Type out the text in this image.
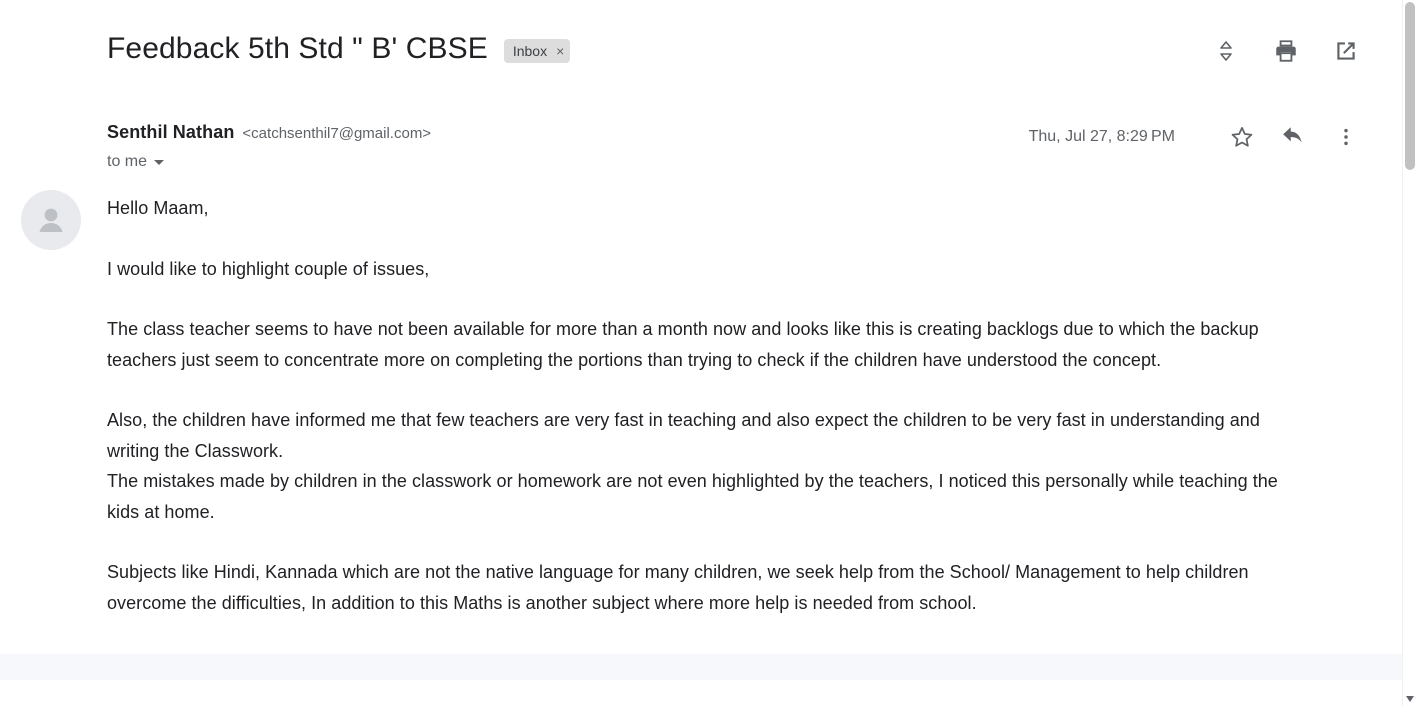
Feedback 5th Std " B' CBSE Inbox ×
Senthil Nathan <catchsenthil7@gmail.com>
to me
Thu, Jul 27, 8:29 PM

Hello Maam,

I would like to highlight couple of issues,

The class teacher seems to have not been available for more than a month now and looks like this is creating backlogs due to which the backup teachers just seem to concentrate more on completing the portions than trying to check if the children have understood the concept.

Also, the children have informed me that few teachers are very fast in teaching and also expect the children to be very fast in understanding and writing the Classwork.

The mistakes made by children in the classwork or homework are not even highlighted by the teachers, I noticed this personally while teaching the kids at home.

Subjects like Hindi, Kannada which are not the native language for many children, we seek help from the School/ Management to help children overcome the difficulties, In addition to this Maths is another subject where more help is needed from school.
